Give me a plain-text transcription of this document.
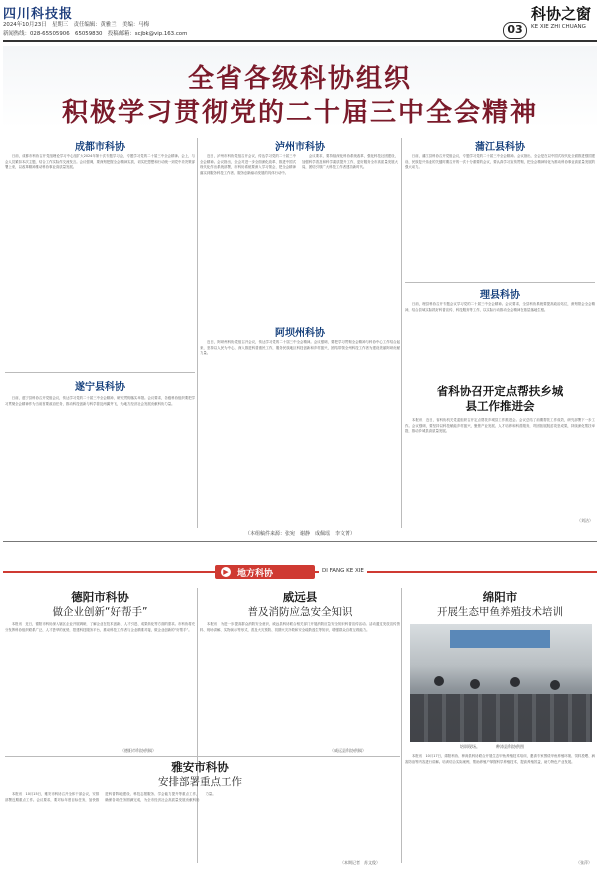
四川科技报
2024年10月23日　星期三　责任编辑：黄雅兰　美编：马梅
新闻热线：028-65505906　65059830　投稿邮箱：scjbk@vip.163.com	03
科协之窗
KE XIE ZHI CHUANG
全省各级科协组织
积极学习贯彻党的二十届三中全会精神
成都市科协
　　日前，成都市科协召开党组理论学习中心组扩大2024年第十次专题学习会，专题学习党的二十届三中全会精神。会上，与会人员紧扣本次主题，结合工作实际作交流发言。会议强调，要深刻把握全会精神实质，切实把思想和行动统一到党中央决策部署上来，以改革精神推动科协事业高质量发展。
泸州市科协
　　近日，泸州市科协党组召开会议，传达学习党的二十届三中全会精神。会议指出，全会对进一步全面深化改革、推进中国式现代化作出系统部署，市科协系统要深入学习领会，把全会精神落实到服务科技工作者、服务创新驱动发展的具体行动中。
　　会议要求，要持续深化科协系统改革，强化科技社团建设，加强科学普及和科学素质提升工作，更好服务全市高质量发展大局，团结引领广大科技工作者建功新时代。
阿坝州科协
　　近日，阿坝州科协党组召开会议，传达学习党的二十届三中全会精神。会议强调，要把学习贯彻全会精神与科协中心工作结合起来，坚持以人民为中心，深入推进科普惠民工作，服务民族地区科技创新和乡村振兴，团结带领全州科技工作者为建设美丽阿坝贡献力量。
遂宁县科协
　　日前，遂宁县科协召开党组会议，传达学习党的二十届三中全会精神，研究贯彻落实举措。会议要求，各级科协组织要把学习贯彻全会精神作为当前首要政治任务，推动科技创新与科学普及两翼齐飞，为地方经济社会发展贡献科协力量。
蒲江县科协
　　日前，蒲江县科协召开党组会议，专题学习党的二十届三中全会精神。会议指出，全会是在以中国式现代化全面推进强国建设、民族复兴伟业的关键时期召开的一次十分重要的会议，要认真学习宣传贯彻，把全会精神转化为推动科协事业高质量发展的强大动力。
理县科协
　　日前，理县科协召开专题会议学习党的二十届三中全会精神。会议要求，全县科协系统要提高政治站位，深刻领会全会精神，结合县域实际抓好科普宣传、科技服务等工作，以实际行动推动全会精神在基层落地生根。
省科协召开定点帮扶乡城
县工作推进会
　　本报讯　近日，省科协机关党委组织召开定点帮扶乡城县工作推进会。会议总结了前期帮扶工作成效，研究部署下一步工作。会议强调，要坚持以科技赋能乡村振兴，聚焦产业发展、人才培养和科普服务，巩固拓展脱贫攻坚成果，持续深化帮扶举措，推动乡城县高质量发展。
（刘洁）
（本组稿件来源：张宛　谢静　成佩瑶　李文菁）
▶ 地方科协	DI FANG KE XIE
德阳市科协
做企业创新“好帮手”
　　本报讯　近日，德阳市科协深入辖区企业开展调研，了解企业在技术创新、人才引进、成果转化等方面的需求。市科协将充分发挥科协组织联系广泛、人才荟萃的优势，搭建科技服务平台，推动科技工作者与企业精准对接，做企业创新的“好帮手”。
（德阳市科协供稿）
威远县
普及消防应急安全知识
　　本报讯　为进一步提高群众消防安全意识，威远县科协联合相关部门开展消防应急安全知识科普宣传活动。活动通过发放宣传资料、现场讲解、实物演示等形式，普及火灾预防、初期火灾扑救和安全疏散逃生等知识，增强群众自救互救能力。
（威远县科协供稿）
绵阳市
开展生态甲鱼养殖技术培训
培训现场。　　　　种涛县科协供图
　　本报讯　10月17日，绵阳科协、种涛县科协联合开展生态甲鱼养殖技术培训，邀请专家围绕甲鱼养殖环境、饲料投喂、病害防治等内容进行讲解。培训结合实际案例，帮助养殖户掌握科学养殖技术，提高养殖效益，助力特色产业发展。
（张萍）
雅安市科协
安排部署重点工作
　　本报讯　10月15日，雅安市科协召开全体干部会议，安排部署近期重点工作。会议要求，要对标年度目标任务，加快推进科普阵地建设、科技志愿服务、学会能力提升等重点工作，确保各项任务圆满完成，为全市经济社会高质量发展贡献科协力量。
（本期记者　苏文俊）
